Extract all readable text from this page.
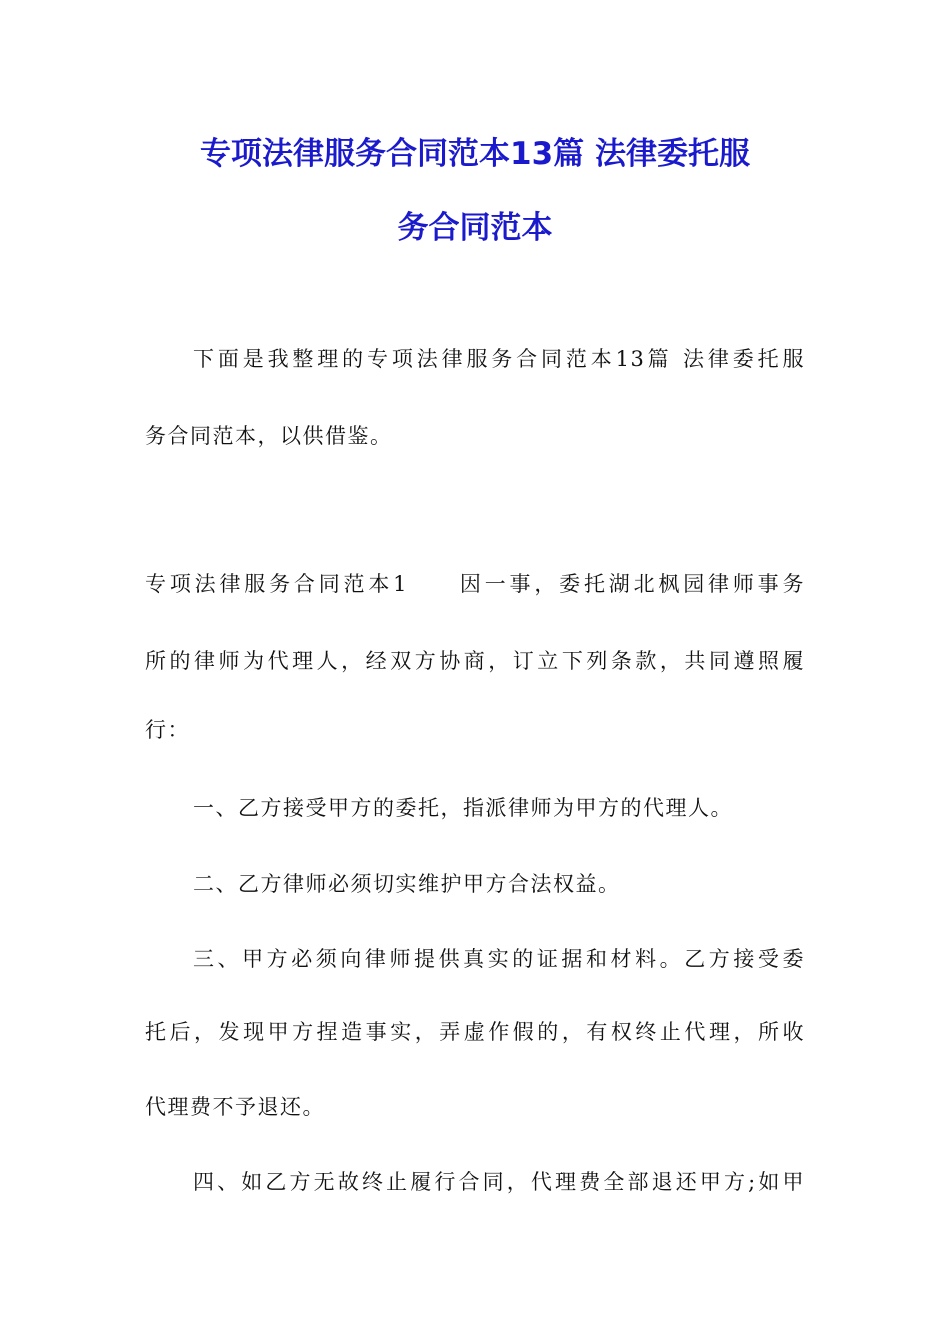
专项法律服务合同范本13篇 法律委托服
务合同范本

下面是我整理的专项法律服务合同范本13篇 法律委托服

务合同范本，以供借鉴。

专项法律服务合同范本1　　因一事，委托湖北枫园律师事务

所的律师为代理人，经双方协商，订立下列条款，共同遵照履

行：

一、乙方接受甲方的委托，指派律师为甲方的代理人。

二、乙方律师必须切实维护甲方合法权益。

三、甲方必须向律师提供真实的证据和材料。乙方接受委

托后，发现甲方捏造事实，弄虚作假的，有权终止代理，所收

代理费不予退还。

四、如乙方无故终止履行合同，代理费全部退还甲方;如甲
